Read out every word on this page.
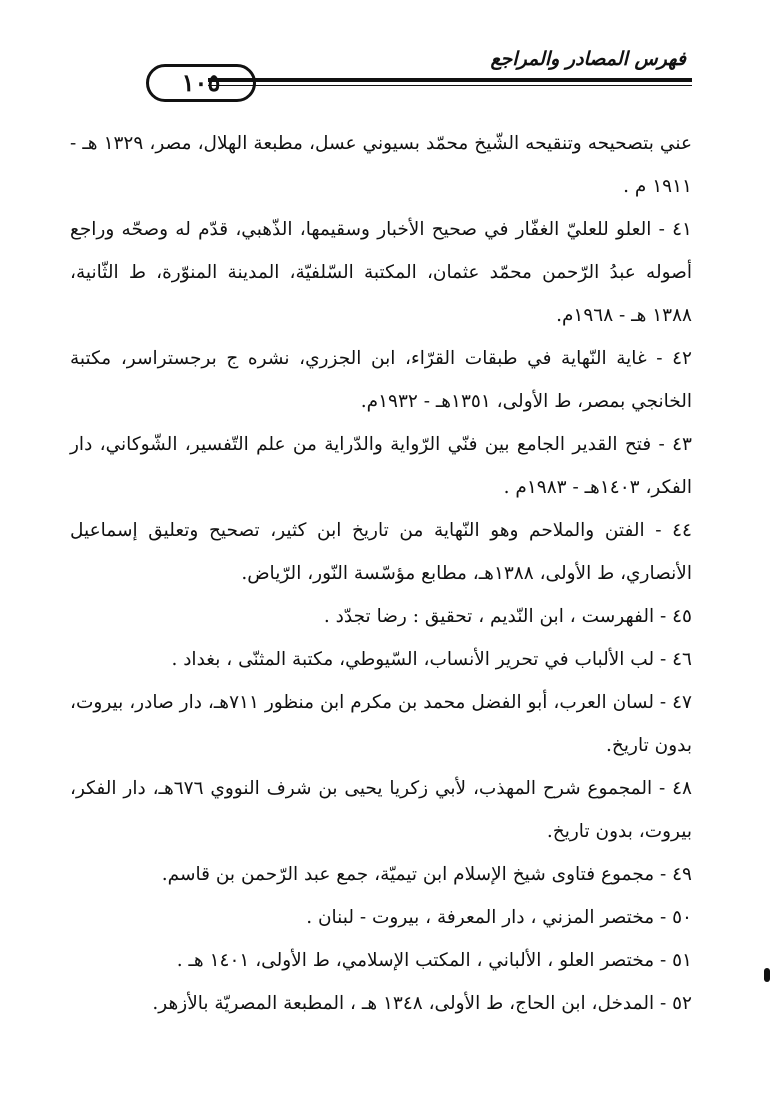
فهرس المصادر والمراجع
١٠٥

عني بتصحيحه وتنقيحه الشّيخ محمّد بسيوني عسل، مطبعة الهلال، مصر، ١٣٢٩ هـ - ١٩١١ م .

٤١ - العلو للعليّ الغفّار في صحيح الأخبار وسقيمها، الذّهبي، قدّم له وصحّه وراجع أصوله عبدُ الرّحمن محمّد عثمان، المكتبة السّلفيّة، المدينة المنوّرة، ط الثّانية، ١٣٨٨ هـ - ١٩٦٨م.

٤٢ - غاية النّهاية في طبقات القرّاء، ابن الجزري، نشره ج برجستراسر، مكتبة الخانجي بمصر، ط الأولى، ١٣٥١هـ - ١٩٣٢م.

٤٣ - فتح القدير الجامع بين فنّي الرّواية والدّراية من علم التّفسير، الشّوكاني، دار الفكر، ١٤٠٣هـ - ١٩٨٣م .

٤٤ - الفتن والملاحم وهو النّهاية من تاريخ ابن كثير، تصحيح وتعليق إسماعيل الأنصاري، ط الأولى، ١٣٨٨هـ، مطابع مؤسّسة النّور، الرّياض.

٤٥ - الفهرست ، ابن النّديم ، تحقيق : رضا تجدّد .

٤٦ - لب الألباب في تحرير الأنساب، السّيوطي، مكتبة المثنّى ، بغداد .

٤٧ - لسان العرب، أبو الفضل محمد بن مكرم ابن منظور ٧١١هـ، دار صادر، بيروت، بدون تاريخ.

٤٨ - المجموع شرح المهذب، لأبي زكريا يحيى بن شرف النووي ٦٧٦هـ، دار الفكر، بيروت، بدون تاريخ.

٤٩ - مجموع فتاوى شيخ الإسلام ابن تيميّة، جمع عبد الرّحمن بن قاسم.

٥٠ - مختصر المزني ، دار المعرفة ، بيروت - لبنان .

٥١ - مختصر العلو ، الألباني ، المكتب الإسلامي، ط الأولى، ١٤٠١ هـ .

٥٢ - المدخل، ابن الحاج، ط الأولى، ١٣٤٨ هـ ، المطبعة المصريّة بالأزهر.
